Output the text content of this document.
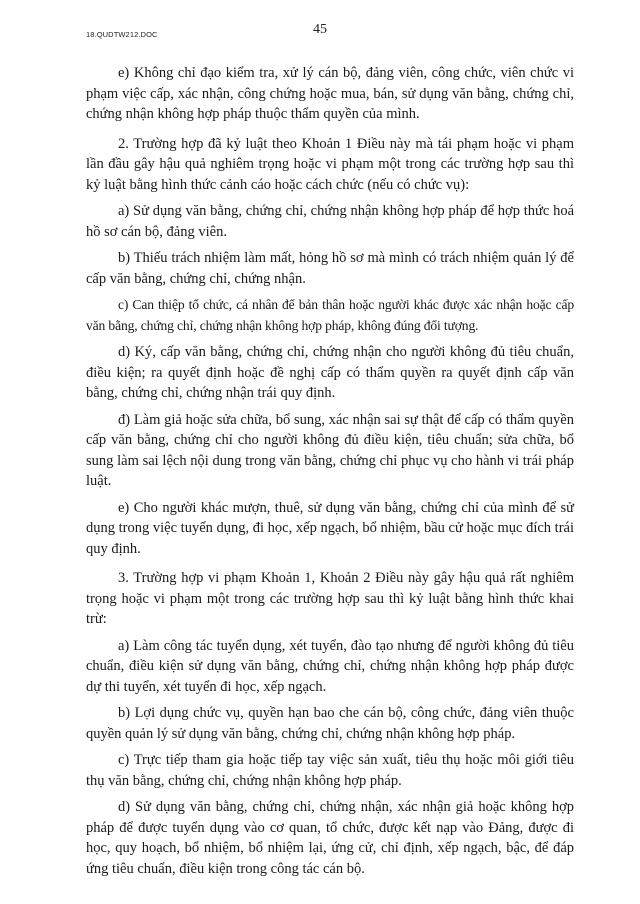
18.QUDTW212.DOC	45

e) Không chỉ đạo kiểm tra, xử lý cán bộ, đảng viên, công chức, viên chức vi phạm việc cấp, xác nhận, công chứng hoặc mua, bán, sử dụng văn bằng, chứng chỉ, chứng nhận không hợp pháp thuộc thẩm quyền của mình.

2. Trường hợp đã kỷ luật theo Khoản 1 Điều này mà tái phạm hoặc vi phạm lần đầu gây hậu quả nghiêm trọng hoặc vi phạm một trong các trường hợp sau thì kỷ luật bằng hình thức cảnh cáo hoặc cách chức (nếu có chức vụ):

a) Sử dụng văn bằng, chứng chỉ, chứng nhận không hợp pháp để hợp thức hoá hồ sơ cán bộ, đảng viên.

b) Thiếu trách nhiệm làm mất, hỏng hồ sơ mà mình có trách nhiệm quản lý để cấp văn bằng, chứng chỉ, chứng nhận.

c) Can thiệp tổ chức, cá nhân để bản thân hoặc người khác được xác nhận hoặc cấp văn bằng, chứng chỉ, chứng nhận không hợp pháp, không đúng đối tượng.

d) Ký, cấp văn bằng, chứng chỉ, chứng nhận cho người không đủ tiêu chuẩn, điều kiện; ra quyết định hoặc đề nghị cấp có thẩm quyền ra quyết định cấp văn bằng, chứng chỉ, chứng nhận trái quy định.

đ) Làm giả hoặc sửa chữa, bổ sung, xác nhận sai sự thật để cấp có thẩm quyền cấp văn bằng, chứng chỉ cho người không đủ điều kiện, tiêu chuẩn; sửa chữa, bổ sung làm sai lệch nội dung trong văn bằng, chứng chỉ phục vụ cho hành vi trái pháp luật.

e) Cho người khác mượn, thuê, sử dụng văn bằng, chứng chỉ của mình để sử dụng trong việc tuyển dụng, đi học, xếp ngạch, bổ nhiệm, bầu cử hoặc mục đích trái quy định.

3. Trường hợp vi phạm Khoản 1, Khoản 2 Điều này gây hậu quả rất nghiêm trọng hoặc vi phạm một trong các trường hợp sau thì kỷ luật bằng hình thức khai trừ:

a) Làm công tác tuyển dụng, xét tuyển, đào tạo nhưng để người không đủ tiêu chuẩn, điều kiện sử dụng văn bằng, chứng chỉ, chứng nhận không hợp pháp được dự thi tuyển, xét tuyển đi học, xếp ngạch.

b) Lợi dụng chức vụ, quyền hạn bao che cán bộ, công chức, đảng viên thuộc quyền quản lý sử dụng văn bằng, chứng chỉ, chứng nhận không hợp pháp.

c) Trực tiếp tham gia hoặc tiếp tay việc sản xuất, tiêu thụ hoặc môi giới tiêu thụ văn bằng, chứng chỉ, chứng nhận không hợp pháp.

d) Sử dụng văn bằng, chứng chỉ, chứng nhận, xác nhận giả hoặc không hợp pháp để được tuyển dụng vào cơ quan, tổ chức, được kết nạp vào Đảng, được đi học, quy hoạch, bổ nhiệm, bổ nhiệm lại, ứng cử, chỉ định, xếp ngạch, bậc, để đáp ứng tiêu chuẩn, điều kiện trong công tác cán bộ.
